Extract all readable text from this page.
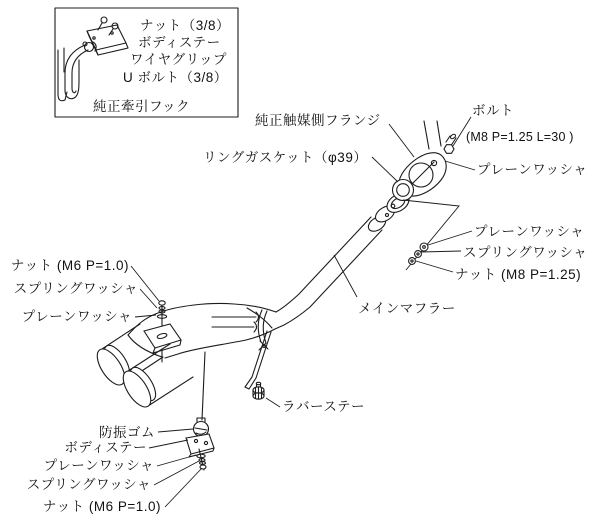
ナット（3/8）
ボディステー
ワイヤグリップ
U ボルト（3/8）
純正牽引フック
純正触媒側フランジ
ボルト
(M8 P=1.25 L=30 )
リングガスケット（φ39）
プレーンワッシャ
プレーンワッシャ
スプリングワッシャ
ナット (M8 P=1.25)
ナット (M6 P=1.0)
スプリングワッシャ
プレーンワッシャ
メインマフラー
ラバーステー
防振ゴム
ボディステー
プレーンワッシャ
スプリングワッシャ
ナット (M6 P=1.0)
